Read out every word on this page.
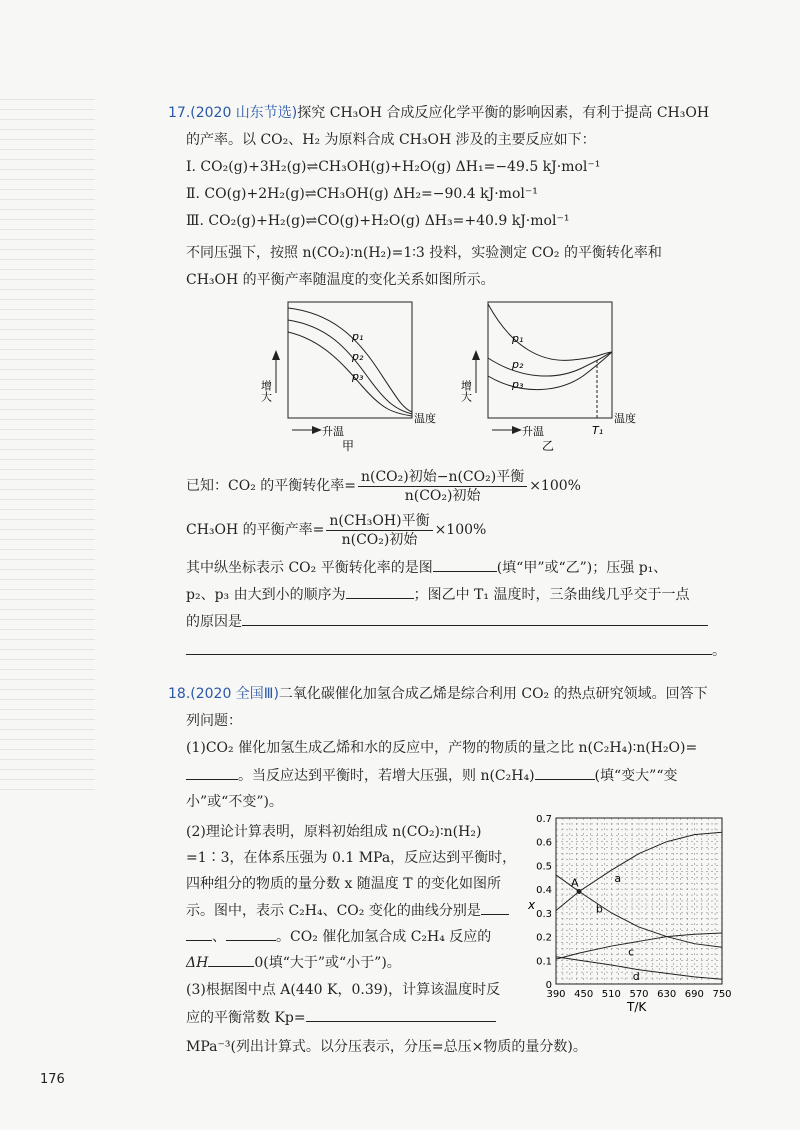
17.(2020 山东节选)探究 CH₃OH 合成反应化学平衡的影响因素，有利于提高 CH₃OH
的产率。以 CO₂、H₂ 为原料合成 CH₃OH 涉及的主要反应如下：
Ⅰ. CO₂(g)+3H₂(g)⇌CH₃OH(g)+H₂O(g) ΔH₁=−49.5 kJ·mol⁻¹
Ⅱ. CO(g)+2H₂(g)⇌CH₃OH(g) ΔH₂=−90.4 kJ·mol⁻¹
Ⅲ. CO₂(g)+H₂(g)⇌CO(g)+H₂O(g) ΔH₃=+40.9 kJ·mol⁻¹
不同压强下，按照 n(CO₂)∶n(H₂)=1∶3 投料，实验测定 CO₂ 的平衡转化率和
CH₃OH 的平衡产率随温度的变化关系如图所示。
p₁
p₂
p₃
增大
升温
温度
甲
p₁
p₂
p₃
增大
升温	T₁
温度
乙
已知：CO₂ 的平衡转化率= $\frac{\text{n(CO₂)初始−n(CO₂)平衡}}{\text{n(CO₂)初始}} \times 100\%$
CH₃OH 的平衡产率= $\frac{\text{n(CH₃OH)平衡}}{\text{n(CO₂)初始}} \times 100\%$
其中纵坐标表示 CO₂ 平衡转化率的是图	(填“甲”或“乙”)；压强 p₁、
p₂、p₃ 由大到小的顺序为	；图乙中 T₁ 温度时，三条曲线几乎交于一点
的原因是
。
18.(2020 全国Ⅲ)二氧化碳催化加氢合成乙烯是综合利用 CO₂ 的热点研究领域。回答下
列问题：
(1)CO₂ 催化加氢生成乙烯和水的反应中，产物的物质的量之比 n(C₂H₄)∶n(H₂O)=
。当反应达到平衡时，若增大压强，则 n(C₂H₄)	(填“变大”“变
小”或“不变”)。
(2)理论计算表明，原料初始组成 n(CO₂)∶n(H₂)
=1∶3，在体系压强为 0.1 MPa，反应达到平衡时，
四种组分的物质的量分数 x 随温度 T 的变化如图所
示。图中，表示 C₂H₄、CO₂ 变化的曲线分别是
、	。CO₂ 催化加氢合成 C₂H₄ 反应的
ΔH	0(填“大于”或“小于”)。
(3)根据图中点 A(440 K，0.39)，计算该温度时反
应的平衡常数 Kp=
MPa⁻³(列出计算式。以分压表示，分压=总压×物质的量分数)。
a
b
c
d
A
390 450 510 570 630 690 750
0
0.1
0.2
0.3
0.4
0.5
0.6
0.7
x
T/K
176
